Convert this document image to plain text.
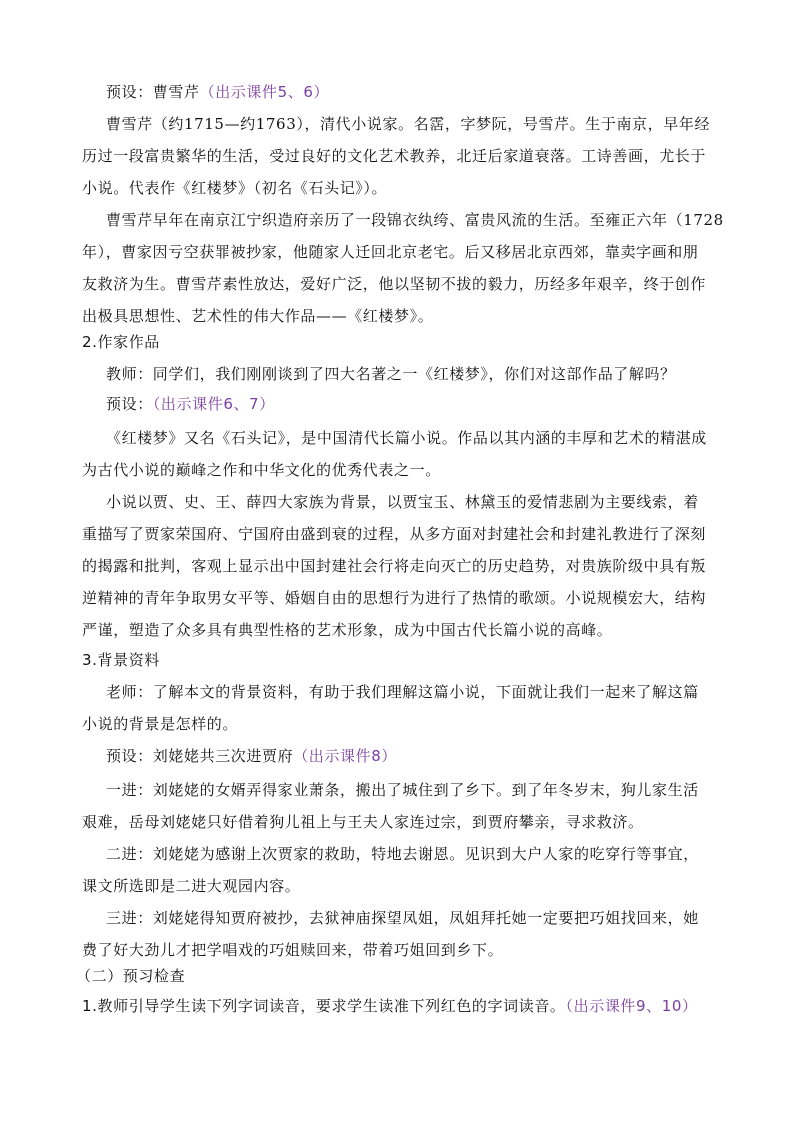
预设：曹雪芹（出示课件5、6）
曹雪芹（约1715—约1763），清代小说家。名霑，字梦阮，号雪芹。生于南京，早年经
历过一段富贵繁华的生活，受过良好的文化艺术教养，北迁后家道衰落。工诗善画，尤长于
小说。代表作《红楼梦》（初名《石头记》）。
曹雪芹早年在南京江宁织造府亲历了一段锦衣纨绔、富贵风流的生活。至雍正六年（1728
年），曹家因亏空获罪被抄家，他随家人迁回北京老宅。后又移居北京西郊，靠卖字画和朋
友救济为生。曹雪芹素性放达，爱好广泛，他以坚韧不拔的毅力，历经多年艰辛，终于创作
出极具思想性、艺术性的伟大作品——《红楼梦》。
2.作家作品
教师：同学们，我们刚刚谈到了四大名著之一《红楼梦》，你们对这部作品了解吗？
预设：（出示课件6、7）
《红楼梦》又名《石头记》，是中国清代长篇小说。作品以其内涵的丰厚和艺术的精湛成
为古代小说的巅峰之作和中华文化的优秀代表之一。
小说以贾、史、王、薛四大家族为背景，以贾宝玉、林黛玉的爱情悲剧为主要线索，着
重描写了贾家荣国府、宁国府由盛到衰的过程，从多方面对封建社会和封建礼教进行了深刻
的揭露和批判，客观上显示出中国封建社会行将走向灭亡的历史趋势，对贵族阶级中具有叛
逆精神的青年争取男女平等、婚姻自由的思想行为进行了热情的歌颂。小说规模宏大，结构
严谨，塑造了众多具有典型性格的艺术形象，成为中国古代长篇小说的高峰。
3.背景资料
老师：了解本文的背景资料，有助于我们理解这篇小说，下面就让我们一起来了解这篇
小说的背景是怎样的。
预设：刘姥姥共三次进贾府（出示课件8）
一进：刘姥姥的女婿弄得家业萧条，搬出了城住到了乡下。到了年冬岁末，狗儿家生活
艰难，岳母刘姥姥只好借着狗儿祖上与王夫人家连过宗，到贾府攀亲，寻求救济。
二进：刘姥姥为感谢上次贾家的救助，特地去谢恩。见识到大户人家的吃穿行等事宜，
课文所选即是二进大观园内容。
三进：刘姥姥得知贾府被抄，去狱神庙探望凤姐，凤姐拜托她一定要把巧姐找回来，她
费了好大劲儿才把学唱戏的巧姐赎回来，带着巧姐回到乡下。
（二）预习检查
1.教师引导学生读下列字词读音，要求学生读准下列红色的字词读音。（出示课件9、10）
